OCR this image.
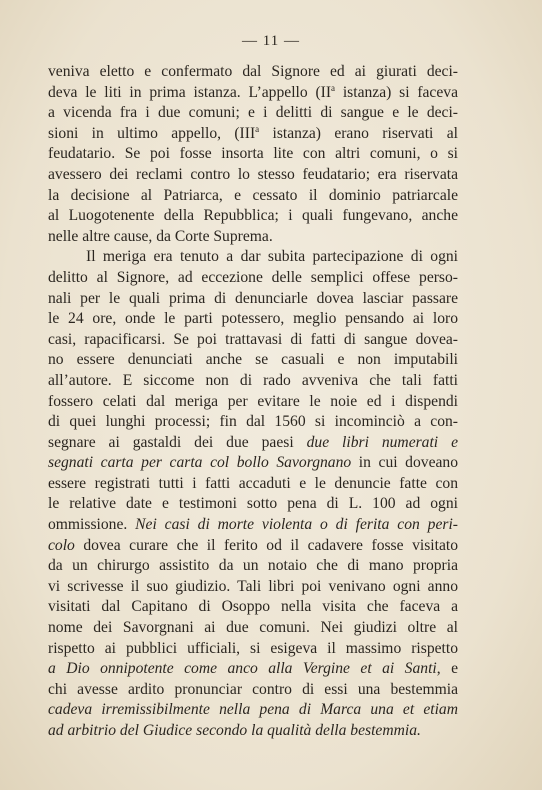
— 11 —

veniva eletto e confermato dal Signore ed ai giurati deci-
deva le liti in prima istanza. L’appello ($II^a$ istanza) si faceva
a vicenda fra i due comuni; e i delitti di sangue e le deci-
sioni in ultimo appello, (III$^a$ istanza) erano riservati al
feudatario. Se poi fosse insorta lite con altri comuni, o si
avessero dei reclami contro lo stesso feudatario; era riservata
la decisione al Patriarca, e cessato il dominio patriarcale
al Luogotenente della Repubblica; i quali fungevano, anche
nelle altre cause, da Corte Suprema.

Il meriga era tenuto a dar subita partecipazione di ogni
delitto al Signore, ad eccezione delle semplici offese perso-
nali per le quali prima di denunciarle dovea lasciar passare
le 24 ore, onde le parti potessero, meglio pensando ai loro
casi, rapacificarsi. Se poi trattavasi di fatti di sangue doveа-
no essere denunciati anche se casuali e non imputabili
all’autore. E siccome non di rado avveniva che tali fatti
fossero celati dal meriga per evitare le noie ed i dispendi
di quei lunghi processi; fin dal 1560 si incominciò a con-
segnare ai gastaldi dei due paesi due libri numerati e
segnati carta per carta col bollo Savorgnano in cui doveano
essere registrati tutti i fatti accaduti e le denuncie fatte con
le relative date e testimoni sotto pena di L. 100 ad ogni
ommissione. Nei casi di morte violenta o di ferita con peri-
colo dovea curare che il ferito od il cadavere fosse visitato
da un chirurgo assistito da un notaio che di mano propria
vi scrivesse il suo giudizio. Tali libri poi venivano ogni anno
visitati dal Capitano di Osoppo nella visita che faceva a
nome dei Savorgnani ai due comuni. Nei giudizi oltre al
rispetto ai pubblici ufficiali, si esigeva il massimo rispetto
a Dio onnipotente come anco alla Vergine et ai Santi, e
chi avesse ardito pronunciar contro di essi una bestemmia
cadeva irremissibilmente nella pena di Marca una et etiam
ad arbitrio del Giudice secondo la qualità della bestemmia.
